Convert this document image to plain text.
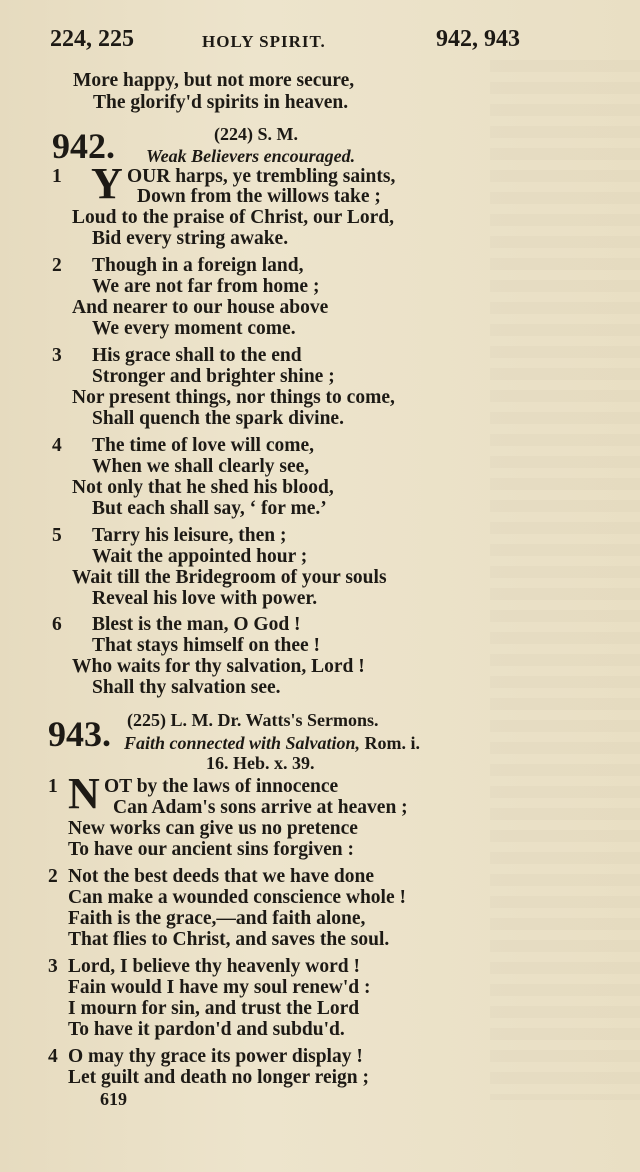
224, 225	HOLY SPIRIT.	942, 943
More happy, but not more secure,
The glorify'd spirits in heaven.
942.	(224) S. M.
Weak Believers encouraged.
1 Y OUR harps, ye trembling saints,
Down from the willows take ;
Loud to the praise of Christ, our Lord,
Bid every string awake.
2 Though in a foreign land,
We are not far from home ;
And nearer to our house above
We every moment come.
3 His grace shall to the end
Stronger and brighter shine ;
Nor present things, nor things to come,
Shall quench the spark divine.
4 The time of love will come,
When we shall clearly see,
Not only that he shed his blood,
But each shall say, ‘ for me.’
5 Tarry his leisure, then ;
Wait the appointed hour ;
Wait till the Bridegroom of your souls
Reveal his love with power.
6 Blest is the man, O God !
That stays himself on thee !
Who waits for thy salvation, Lord !
Shall thy salvation see.
943. (225) L. M. Dr. Watts's Sermons.
Faith connected with Salvation, Rom. i.
16. Heb. x. 39.
1 N OT by the laws of innocence
Can Adam's sons arrive at heaven ;
New works can give us no pretence
To have our ancient sins forgiven :
2 Not the best deeds that we have done
Can make a wounded conscience whole !
Faith is the grace,—and faith alone,
That flies to Christ, and saves the soul.
3 Lord, I believe thy heavenly word !
Fain would I have my soul renew'd :
I mourn for sin, and trust the Lord
To have it pardon'd and subdu'd.
4 O may thy grace its power display !
Let guilt and death no longer reign ;
619
